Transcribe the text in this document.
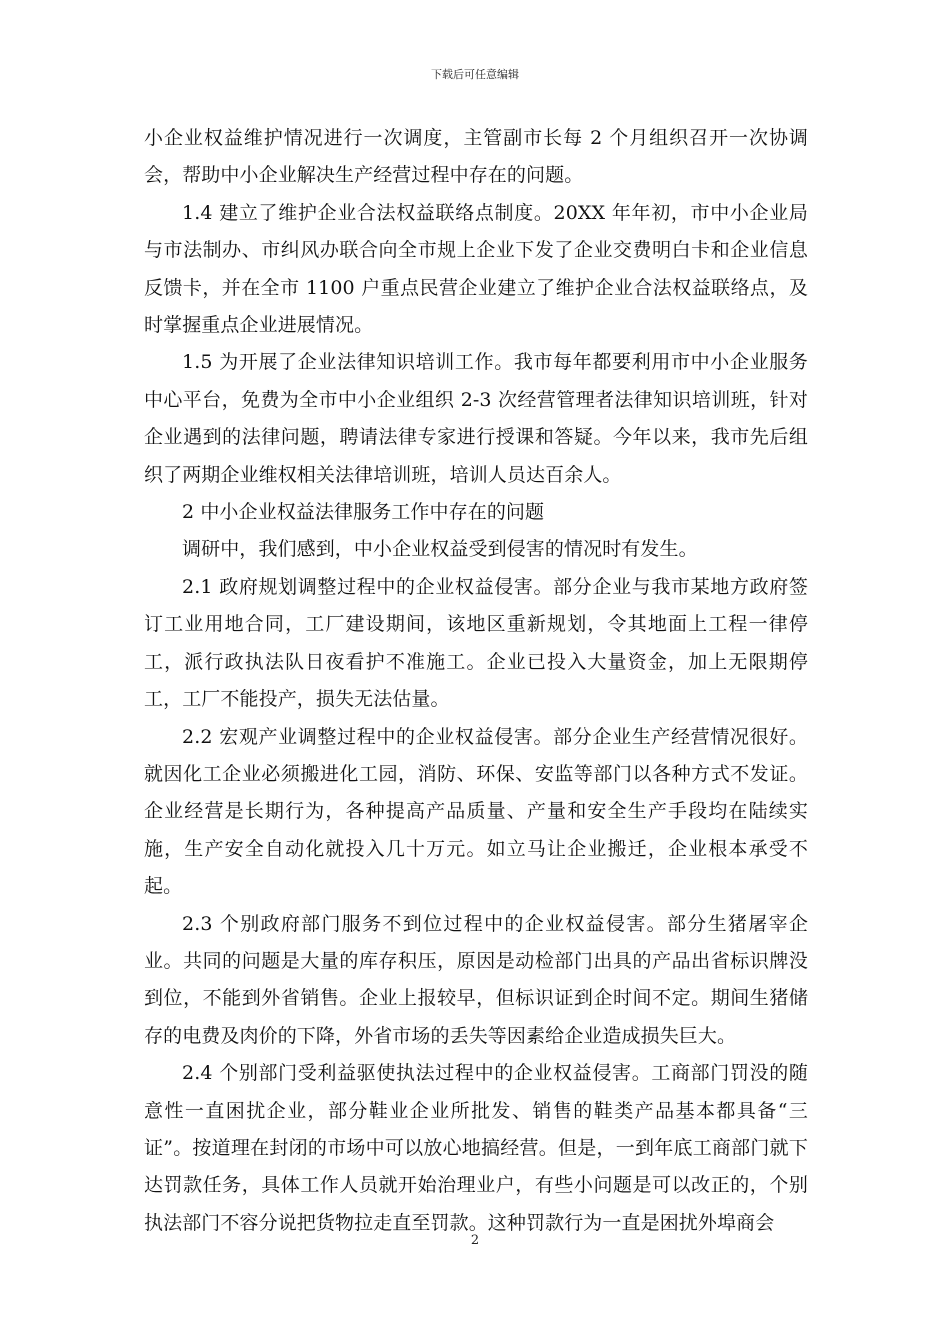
下载后可任意编辑

小企业权益维护情况进行一次调度，主管副市长每 2 个月组织召开一次协调会，帮助中小企业解决生产经营过程中存在的问题。

1.4 建立了维护企业合法权益联络点制度。20XX 年年初，市中小企业局与市法制办、市纠风办联合向全市规上企业下发了企业交费明白卡和企业信息反馈卡，并在全市 1100 户重点民营企业建立了维护企业合法权益联络点，及时掌握重点企业进展情况。

1.5 为开展了企业法律知识培训工作。我市每年都要利用市中小企业服务中心平台，免费为全市中小企业组织 2-3 次经营管理者法律知识培训班，针对企业遇到的法律问题，聘请法律专家进行授课和答疑。今年以来，我市先后组织了两期企业维权相关法律培训班，培训人员达百余人。

2 中小企业权益法律服务工作中存在的问题

调研中，我们感到，中小企业权益受到侵害的情况时有发生。

2.1 政府规划调整过程中的企业权益侵害。部分企业与我市某地方政府签订工业用地合同，工厂建设期间，该地区重新规划，令其地面上工程一律停工，派行政执法队日夜看护不准施工。企业已投入大量资金，加上无限期停工，工厂不能投产，损失无法估量。

2.2 宏观产业调整过程中的企业权益侵害。部分企业生产经营情况很好。就因化工企业必须搬进化工园，消防、环保、安监等部门以各种方式不发证。企业经营是长期行为，各种提高产品质量、产量和安全生产手段均在陆续实施，生产安全自动化就投入几十万元。如立马让企业搬迁，企业根本承受不起。

2.3 个别政府部门服务不到位过程中的企业权益侵害。部分生猪屠宰企业。共同的问题是大量的库存积压，原因是动检部门出具的产品出省标识牌没到位，不能到外省销售。企业上报较早，但标识证到企时间不定。期间生猪储存的电费及肉价的下降，外省市场的丢失等因素给企业造成损失巨大。

2.4 个别部门受利益驱使执法过程中的企业权益侵害。工商部门罚没的随意性一直困扰企业，部分鞋业企业所批发、销售的鞋类产品基本都具备“三证”。按道理在封闭的市场中可以放心地搞经营。但是，一到年底工商部门就下达罚款任务，具体工作人员就开始治理业户，有些小问题是可以改正的，个别执法部门不容分说把货物拉走直至罚款。这种罚款行为一直是困扰外埠商会

2
